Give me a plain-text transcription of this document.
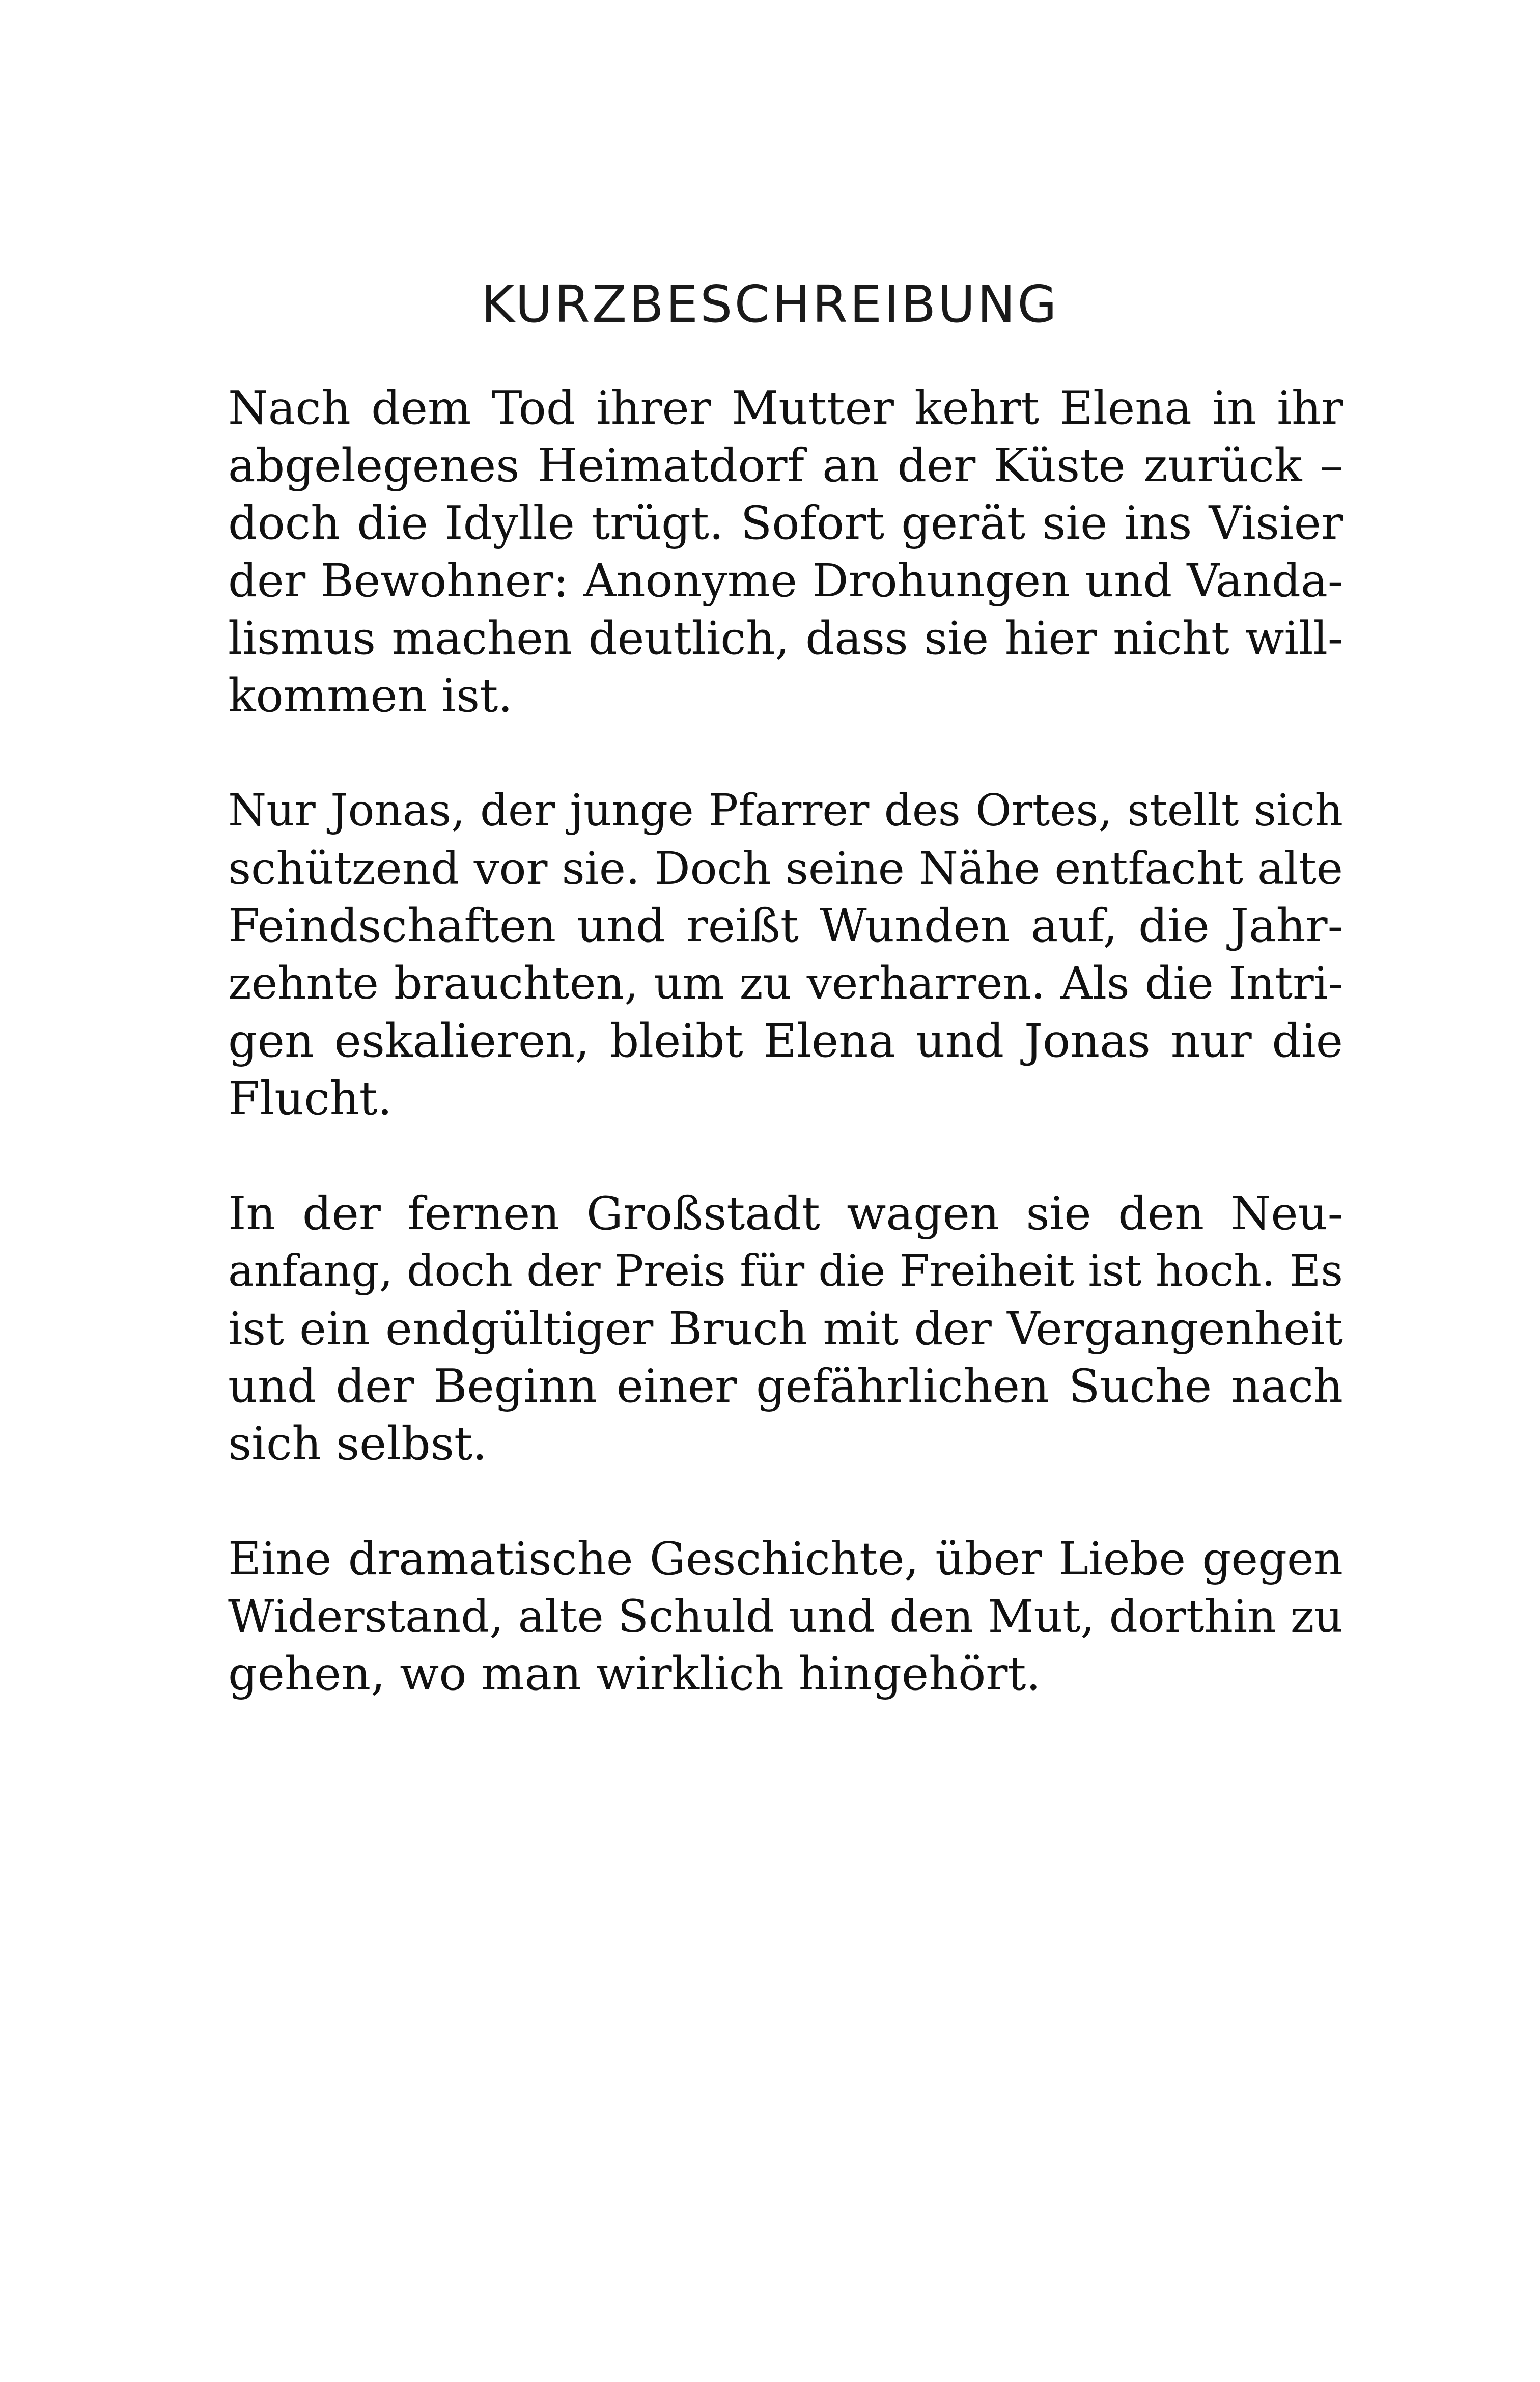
KURZBESCHREIBUNG
Nach dem Tod ihrer Mutter kehrt Elena in ihr
abgelegenes Heimatdorf an der Küste zurück –
doch die Idylle trügt. Sofort gerät sie ins Visier
der Bewohner: Anonyme Drohungen und Vanda-
lismus machen deutlich, dass sie hier nicht will-
kommen ist.
Nur Jonas, der junge Pfarrer des Ortes, stellt sich
schützend vor sie. Doch seine Nähe entfacht alte
Feindschaften und reißt Wunden auf, die Jahr-
zehnte brauchten, um zu verharren. Als die Intri-
gen eskalieren, bleibt Elena und Jonas nur die
Flucht.
In der fernen Großstadt wagen sie den Neu-
anfang, doch der Preis für die Freiheit ist hoch. Es
ist ein endgültiger Bruch mit der Vergangenheit
und der Beginn einer gefährlichen Suche nach
sich selbst.
Eine dramatische Geschichte, über Liebe gegen
Widerstand, alte Schuld und den Mut, dorthin zu
gehen, wo man wirklich hingehört.
